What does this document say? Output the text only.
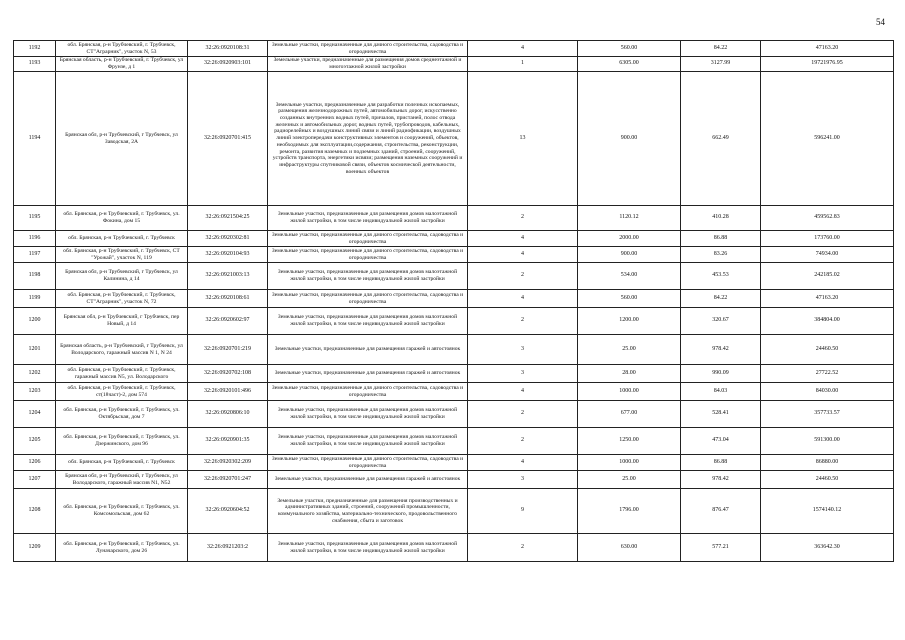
54
1192	обл. Брянская, р-н Трубчевский, г. Трубчевск, СТ"Аграрник", участок N, 53	32:26:0920108:31	Земельные участки, предназначенные для дачного строительства, садоводства и огородничества	4	560.00	84.22	47163.20
1193	Брянская область, р-н Трубчевский, г. Трубчевск, ул Фрунзе, д 1	32:26:0920903:101	Земельные участки, предназначенные для размещения домов среднеэтажной и многоэтажной жилой застройки	1	6305.00	3127.99	19721976.95
1194	Брянская обл, р-н Трубчевский, г Трубчевск, ул Заводская, 2А	32:26:0920701:415	Земельные участки, предназначенные для разработки полезных ископаемых, размещения железнодорожных путей, автомобильных дорог, искусственно созданных внутренних водных путей, причалов, пристаней, полос отвода железных и автомобильных дорог, водных путей, трубопроводов, кабельных, радиорелейных и воздушных линий связи и линий радиофикации, воздушных линий электропередачи конструктивных элементов и сооружений, объектов, необходимых для эксплуатации,содержания, строительства, реконструкции, ремонта, развития наземных и подземных зданий, строений, сооружений, устройств транспорта, энергетики исвязи; размещения наземных сооружений и инфраструктуры спутниковой связи, объектов космической деятельности, военных объектов	13	900.00	662.49	596241.00
1195	обл. Брянская, р-н Трубчевский, г. Трубчевск, ул. Фокина, дом 15	32:26:0921504:25	Земельные участки, предназначенные для размещения домов малоэтажной жилой застройки, в том числе индивидуальной жилой застройки	2	1120.12	410.28	459562.83
1196	обл. Брянская, р-н Трубчевский, г. Трубчевск	32:26:0920302:81	Земельные участки, предназначенные для дачного строительства, садоводства и огородничества	4	2000.00	86.88	173760.00
1197	обл. Брянская, р-н Трубчевский, г. Трубчевск, СТ "Урожай", участок N, 119	32:26:0920104:93	Земельные участки, предназначенные для дачного строительства, садоводства и огородничества	4	900.00	83.26	74934.00
1198	Брянская обл, р-н Трубчевский, г Трубчевск, ул Калинина, д 14	32:26:0921003:13	Земельные участки, предназначенные для размещения домов малоэтажной жилой застройки, в том числе индивидуальной жилой застройки	2	534.00	453.53	242185.02
1199	обл. Брянская, р-н Трубчевский, г. Трубчевск, СТ"Аграрник", участок N, 72	32:26:0920108:61	Земельные участки, предназначенные для дачного строительства, садоводства и огородничества	4	560.00	84.22	47163.20
1200	Брянская обл, р-н Трубчевский, г Трубчевск, пер Новый, д 14	32:26:0920602:97	Земельные участки, предназначенные для размещения домов малоэтажной жилой застройки, в том числе индивидуальной жилой застройки	2	1200.00	320.67	384804.00
1201	Брянская область, р-н Трубчевский, г Трубчевск, ул Володарского, гаражный массив N 1, N 24	32:26:0920701:219	Земельные участки, предназначенные для размещения гаражей и автостоянок	3	25.00	978.42	24460.50
1202	обл. Брянская, р-н Трубчевский, г. Трубчевск, гаражный массив N5, ул. Володарского	32:26:0920702:108	Земельные участки, предназначенные для размещения гаражей и автостоянок	3	28.00	990.09	27722.52
1203	обл. Брянская, р-н Трубчевский, г. Трубчевск, ст(18част)-2, дом 574	32:26:0920101:496	Земельные участки, предназначенные для дачного строительства, садоводства и огородничества	4	1000.00	84.03	84030.00
1204	обл. Брянская, р-н Трубчевский, г. Трубчевск, ул. Октябрьская, дом 7	32:26:0920806:10	Земельные участки, предназначенные для размещения домов малоэтажной жилой застройки, в том числе индивидуальной жилой застройки	2	677.00	528.41	357733.57
1205	обл. Брянская, р-н Трубчевский, г. Трубчевск, ул. Дзержинского, дом 96	32:26:0920901:35	Земельные участки, предназначенные для размещения домов малоэтажной жилой застройки, в том числе индивидуальной жилой застройки	2	1250.00	473.04	591300.00
1206	обл. Брянская, р-н Трубчевский, г. Трубчевск	32:26:0920302:209	Земельные участки, предназначенные для дачного строительства, садоводства и огородничества	4	1000.00	86.88	86880.00
1207	Брянская обл, р-н Трубчевский, г Трубчевск, ул Володарского, гаражный массив N1, N52	32:26:0920701:247	Земельные участки, предназначенные для размещения гаражей и автостоянок	3	25.00	978.42	24460.50
1208	обл. Брянская, р-н Трубчевский, г. Трубчевск, ул. Комсомольская, дом 62	32:26:0920604:52	Земельные участки, предназначенные для размещения производственных и административных зданий, строений, сооружений промышленности, коммунального хозяйства, материально-технического, продовольственного снабжения, сбыта и заготовок	9	1796.00	876.47	1574140.12
1209	обл. Брянская, р-н Трубчевский, г. Трубчевск, ул. Луначарского, дом 26	32:26:0921203:2	Земельные участки, предназначенные для размещения домов малоэтажной жилой застройки, в том числе индивидуальной жилой застройки	2	630.00	577.21	363642.30
